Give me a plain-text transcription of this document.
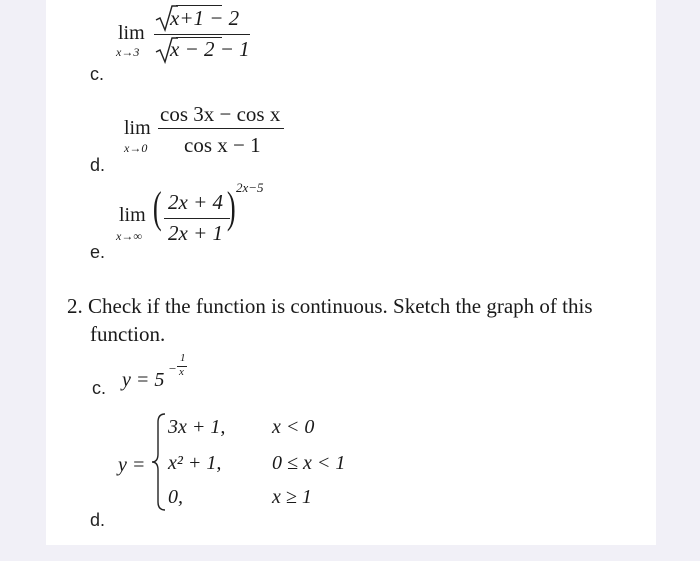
lim
x→3
x+1 − 2
x − 2 − 1
c.
lim
x→0
cos 3x − cos x
cos x − 1
d.
lim
x→∞
( 2x + 4
2x + 1
) 2x−5
e.
2. Check if the function is continuous. Sketch the graph of this
function.
y = 5
−
1
x
c.
y =
3x + 1, x < 0
x² + 1,	0 ≤ x < 1
0,	x ≥ 1
d.
